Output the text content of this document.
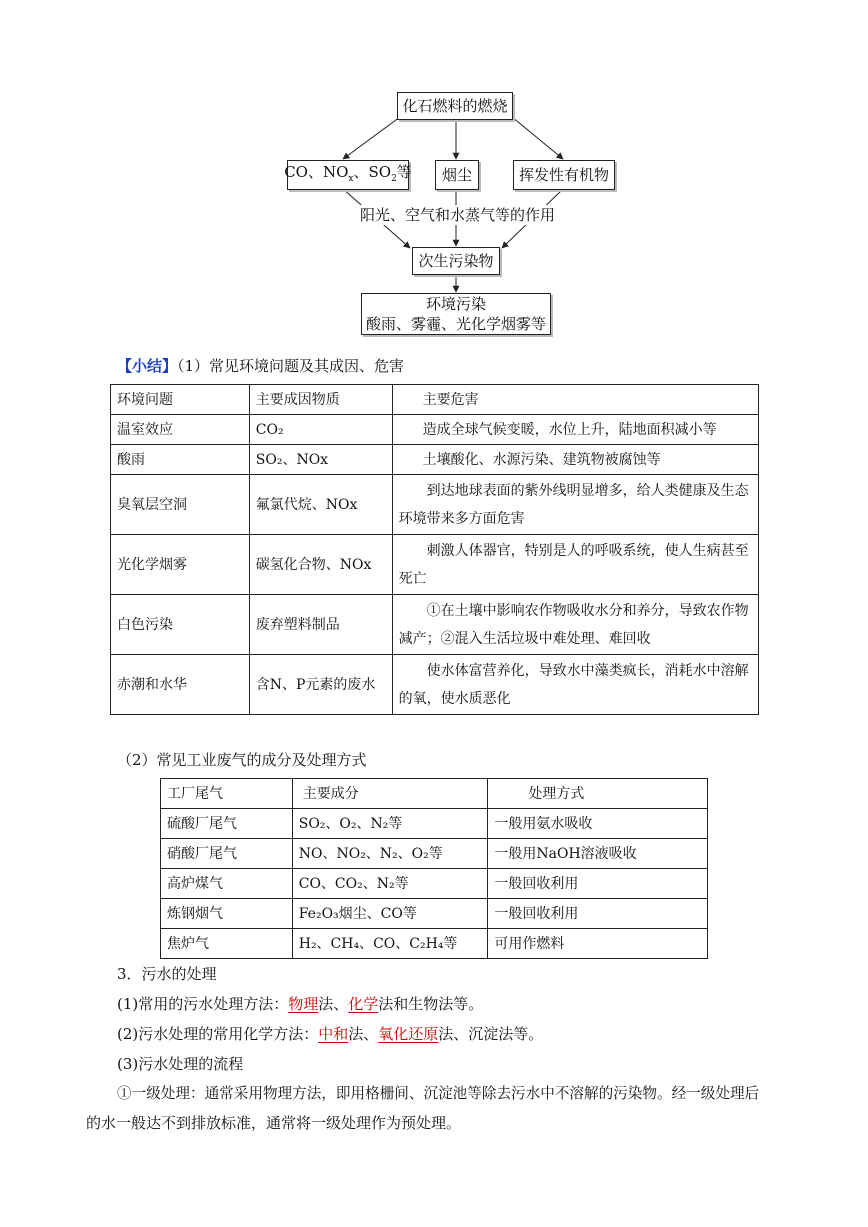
化石燃料的燃烧
CO、$NO_x$、$SO_2$等 烟尘	挥发性有机物
阳光、空气和水蒸气等的作用
次生污染物
环境污染
酸雨、雾霾、光化学烟雾等
【小结】（1）常见环境问题及其成因、危害
环境问题	主要成因物质	主要危害
温室效应	CO₂	造成全球气候变暖，水位上升，陆地面积减小等
酸雨	SO₂、NOx	土壤酸化、水源污染、建筑物被腐蚀等
臭氧层空洞	氟氯代烷、NOx	到达地球表面的紫外线明显增多，给人类健康及生态环境带来多方面危害
光化学烟雾	碳氢化合物、NOx	刺激人体器官，特别是人的呼吸系统，使人生病甚至死亡
白色污染	废弃塑料制品	①在土壤中影响农作物吸收水分和养分，导致农作物减产；②混入生活垃圾中难处理、难回收
赤潮和水华	含N、P元素的废水	使水体富营养化，导致水中藻类疯长，消耗水中溶解的氧，使水质恶化
（2）常见工业废气的成分及处理方式
工厂尾气	主要成分	处理方式
硫酸厂尾气	SO₂、O₂、N₂等	一般用氨水吸收
硝酸厂尾气	NO、NO₂、N₂、O₂等	一般用NaOH溶液吸收
高炉煤气	CO、CO₂、N₂等	一般回收利用
炼钢烟气	Fe₂O₃烟尘、CO等	一般回收利用
焦炉气	H₂、CH₄、CO、C₂H₄等	可用作燃料
3．污水的处理
(1)常用的污水处理方法：物理法、化学法和生物法等。
(2)污水处理的常用化学方法：中和法、氧化还原法、沉淀法等。
(3)污水处理的流程
①一级处理：通常采用物理方法，即用格栅间、沉淀池等除去污水中不溶解的污染物。经一级处理后
的水一般达不到排放标准，通常将一级处理作为预处理。
